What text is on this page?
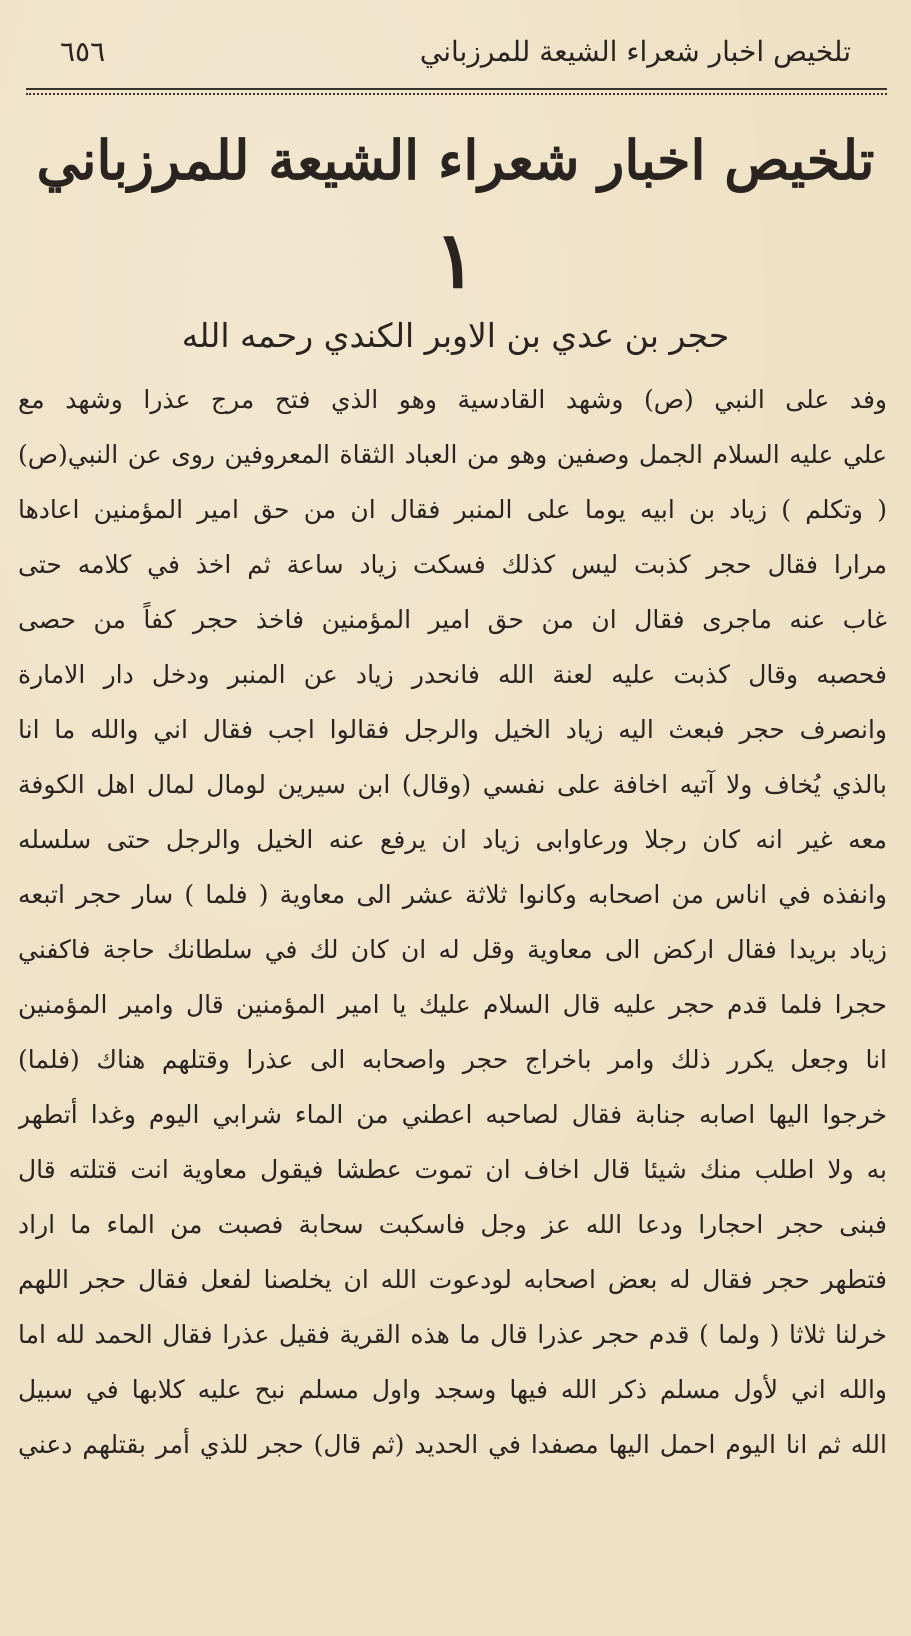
تلخيص اخبار شعراء الشيعة للمرزباني
٦٥٦
تلخيص اخبار شعراء الشيعة للمرزباني
١
حجر بن عدي بن الاوبر الكندي رحمه الله
وفد على النبي (ص) وشهد القادسية وهو الذي فتح مرج عذرا وشهد مع
علي عليه السلام الجمل وصفين وهو من العباد الثقاة المعروفين روى عن النبي(ص)
( وتكلم ) زياد بن ابيه يوما على المنبر فقال ان من حق امير المؤمنين اعادها
مرارا فقال حجر كذبت ليس كذلك فسكت زياد ساعة ثم اخذ في كلامه حتى
غاب عنه ماجرى فقال ان من حق امير المؤمنين فاخذ حجر كفاً من حصى
فحصبه وقال كذبت عليه لعنة الله فانحدر زياد عن المنبر ودخل دار الامارة
وانصرف حجر فبعث اليه زياد الخيل والرجل فقالوا اجب فقال اني والله ما انا
بالذي يُخاف ولا آتيه اخافة على نفسي (وقال) ابن سيرين لومال لمال اهل الكوفة
معه غير انه كان رجلا ورعاوابى زياد ان يرفع عنه الخيل والرجل حتى سلسله
وانفذه في اناس من اصحابه وكانوا ثلاثة عشر الى معاوية ( فلما ) سار حجر اتبعه
زياد بريدا فقال اركض الى معاوية وقل له ان كان لك في سلطانك حاجة فاكفني
حجرا فلما قدم حجر عليه قال السلام عليك يا امير المؤمنين قال وامير المؤمنين
انا وجعل يكرر ذلك وامر باخراج حجر واصحابه الى عذرا وقتلهم هناك (فلما)
خرجوا اليها اصابه جنابة فقال لصاحبه اعطني من الماء شرابي اليوم وغدا أتطهر
به ولا اطلب منك شيئا قال اخاف ان تموت عطشا فيقول معاوية انت قتلته قال
فبنى حجر احجارا ودعا الله عز وجل فاسكبت سحابة فصبت من الماء ما اراد
فتطهر حجر فقال له بعض اصحابه لودعوت الله ان يخلصنا لفعل فقال حجر اللهم
خرلنا ثلاثا ( ولما ) قدم حجر عذرا قال ما هذه القرية فقيل عذرا فقال الحمد لله اما
والله اني لأول مسلم ذكر الله فيها وسجد واول مسلم نبح عليه كلابها في سبيل
الله ثم انا اليوم احمل اليها مصفدا في الحديد (ثم قال) حجر للذي أمر بقتلهم دعني
